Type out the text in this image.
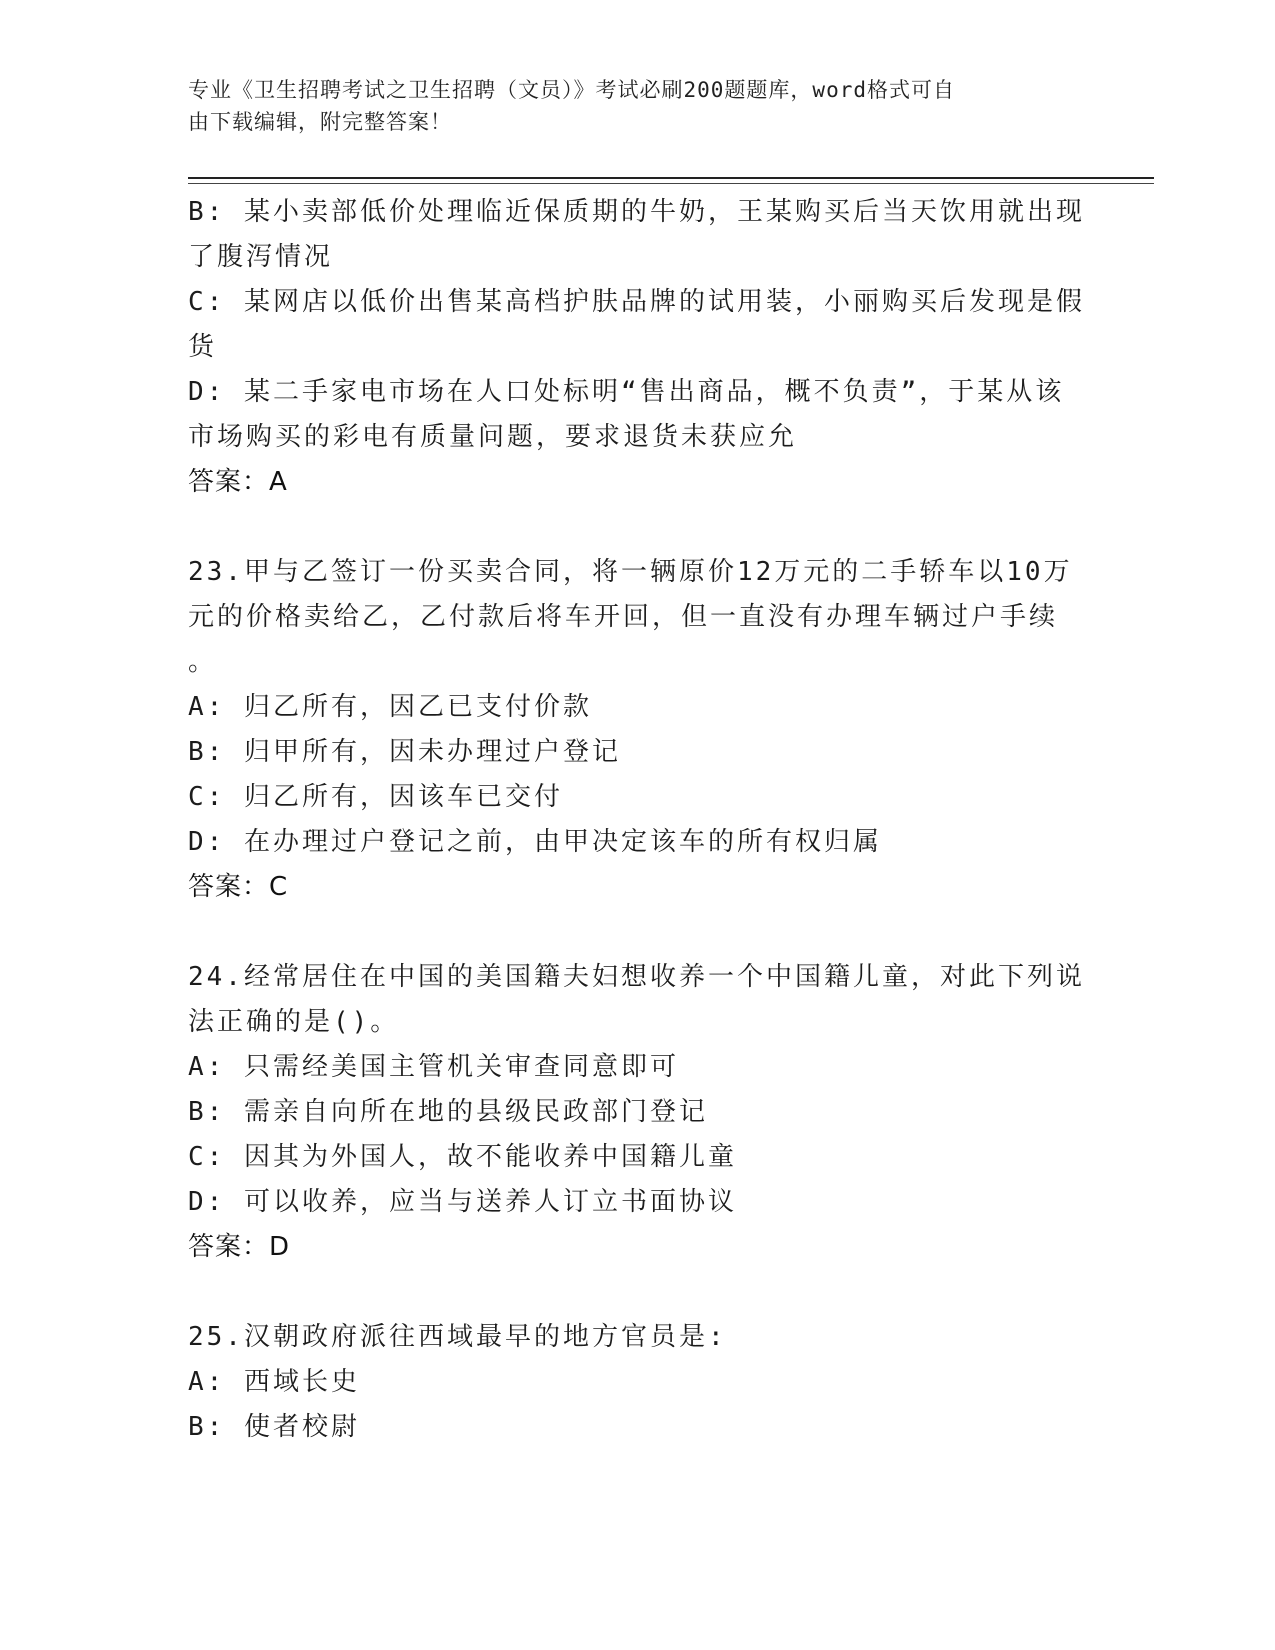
专业《卫生招聘考试之卫生招聘（文员）》考试必刷200题题库，word格式可自
由下载编辑，附完整答案！
B: 某小卖部低价处理临近保质期的牛奶，王某购买后当天饮用就出现
了腹泻情况
C: 某网店以低价出售某高档护肤品牌的试用装，小丽购买后发现是假
货
D: 某二手家电市场在人口处标明“售出商品，概不负责”，于某从该
市场购买的彩电有质量问题，要求退货未获应允
答案：A
23.甲与乙签订一份买卖合同，将一辆原价12万元的二手轿车以10万
元的价格卖给乙，乙付款后将车开回，但一直没有办理车辆过户手续
。
A: 归乙所有，因乙已支付价款
B: 归甲所有，因未办理过户登记
C: 归乙所有，因该车已交付
D: 在办理过户登记之前，由甲决定该车的所有权归属
答案：C
24.经常居住在中国的美国籍夫妇想收养一个中国籍儿童，对此下列说
法正确的是()。
A: 只需经美国主管机关审查同意即可
B: 需亲自向所在地的县级民政部门登记
C: 因其为外国人，故不能收养中国籍儿童
D: 可以收养，应当与送养人订立书面协议
答案：D
25.汉朝政府派往西域最早的地方官员是:
A: 西域长史
B: 使者校尉
